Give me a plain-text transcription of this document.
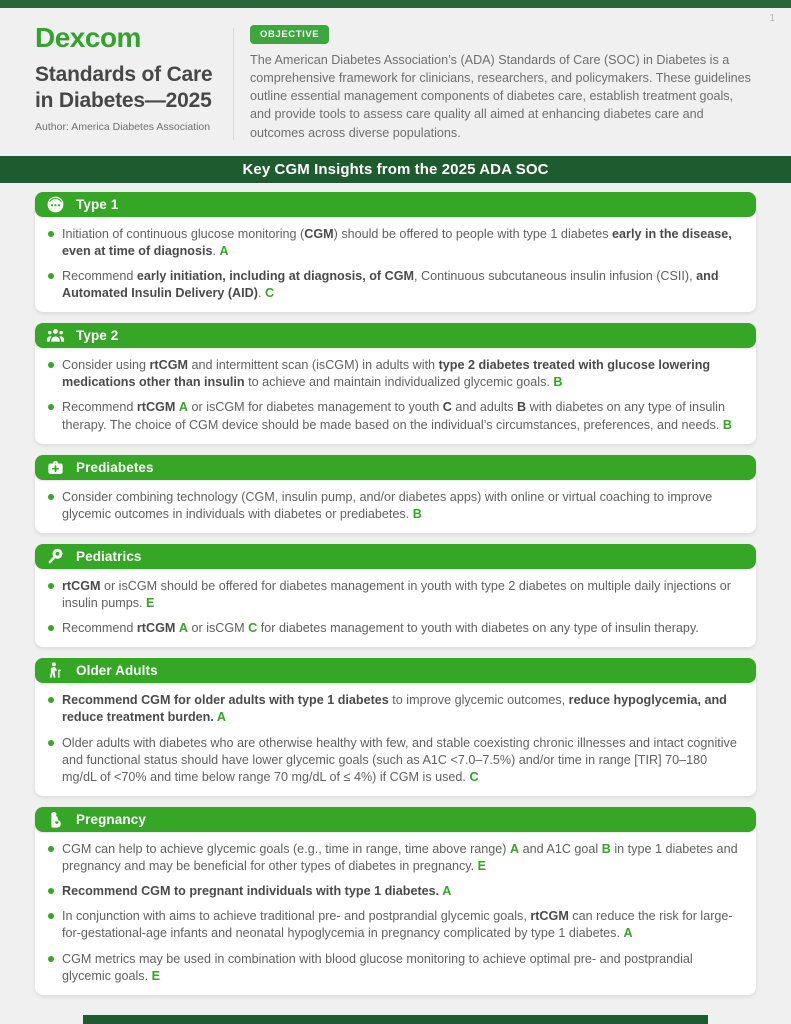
1
Dexcom
Standards of Care
in Diabetes—2025
Author: America Diabetes Association
OBJECTIVE

The American Diabetes Association’s (ADA) Standards of Care (SOC) in Diabetes is a comprehensive framework for clinicians, researchers, and policymakers. These guidelines outline essential management components of diabetes care, establish treatment goals, and provide tools to assess care quality all aimed at enhancing diabetes care and outcomes across diverse populations.

Key CGM Insights from the 2025 ADA SOC
Type 1

Initiation of continuous glucose monitoring (CGM) should be offered to people with type 1 diabetes early in the disease, even at time of diagnosis. A

Recommend early initiation, including at diagnosis, of CGM, Continuous subcutaneous insulin infusion (CSII), and Automated Insulin Delivery (AID). C

Type 2

Consider using rtCGM and intermittent scan (isCGM) in adults with type 2 diabetes treated with glucose lowering medications other than insulin to achieve and maintain individualized glycemic goals. B

Recommend rtCGM A or isCGM for diabetes management to youth C and adults B with diabetes on any type of insulin therapy. The choice of CGM device should be made based on the individual’s circumstances, preferences, and needs. B

Prediabetes

Consider combining technology (CGM, insulin pump, and/or diabetes apps) with online or virtual coaching to improve glycemic outcomes in individuals with diabetes or prediabetes. B

Pediatrics

rtCGM or isCGM should be offered for diabetes management in youth with type 2 diabetes on multiple daily injections or insulin pumps. E

Recommend rtCGM A or isCGM C for diabetes management to youth with diabetes on any type of insulin therapy.

Older Adults

Recommend CGM for older adults with type 1 diabetes to improve glycemic outcomes, reduce hypoglycemia, and reduce treatment burden. A

Older adults with diabetes who are otherwise healthy with few, and stable coexisting chronic illnesses and intact cognitive and functional status should have lower glycemic goals (such as A1C <7.0–7.5%) and/or time in range [TIR] 70–180 mg/dL of <70% and time below range 70 mg/dL of ≤ 4%) if CGM is used. C

Pregnancy

CGM can help to achieve glycemic goals (e.g., time in range, time above range) A and A1C goal B in type 1 diabetes and pregnancy and may be beneficial for other types of diabetes in pregnancy. E

Recommend CGM to pregnant individuals with type 1 diabetes. A

In conjunction with aims to achieve traditional pre- and postprandial glycemic goals, rtCGM can reduce the risk for large-for-gestational-age infants and neonatal hypoglycemia in pregnancy complicated by type 1 diabetes. A

CGM metrics may be used in combination with blood glucose monitoring to achieve optimal pre- and postprandial glycemic goals. E
